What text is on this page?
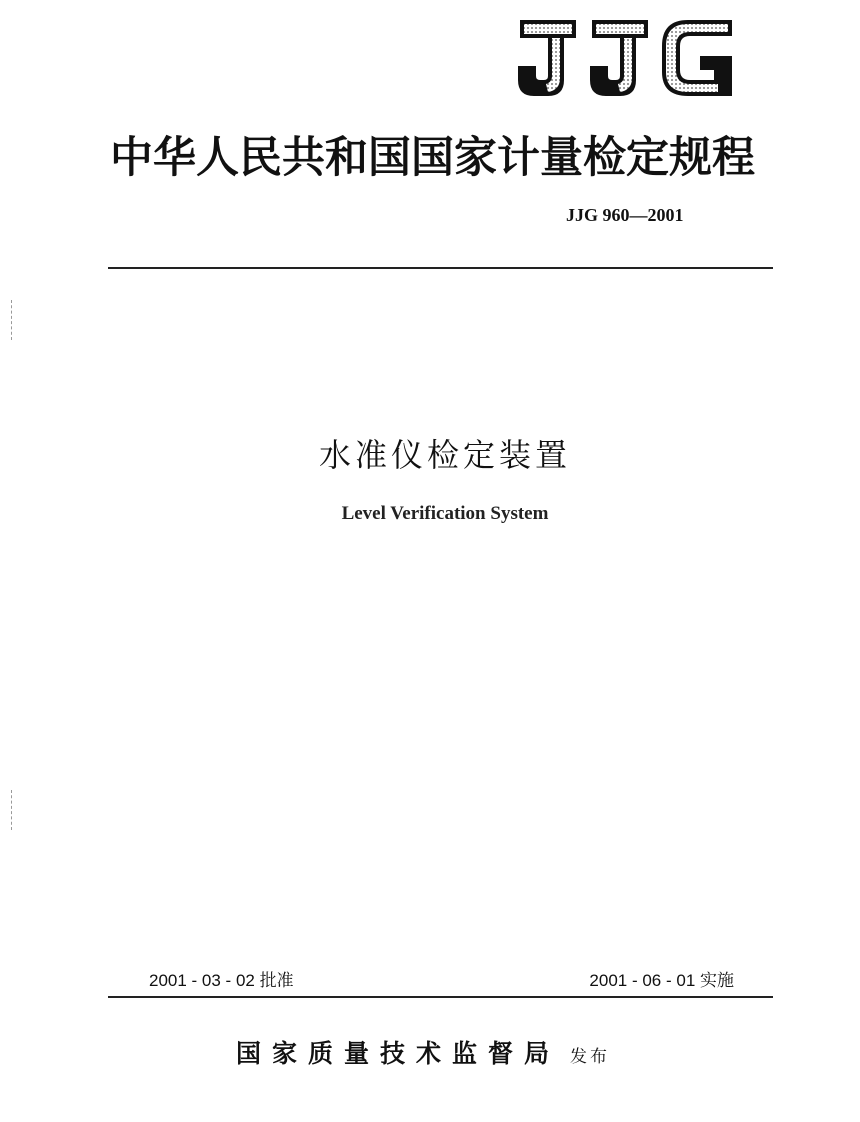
中华人民共和国国家计量检定规程
JJG 960—2001
水准仪检定装置
Level Verification System
2001 - 03 - 02 批准	2001 - 06 - 01 实施
国家质量技术监督局 发布
